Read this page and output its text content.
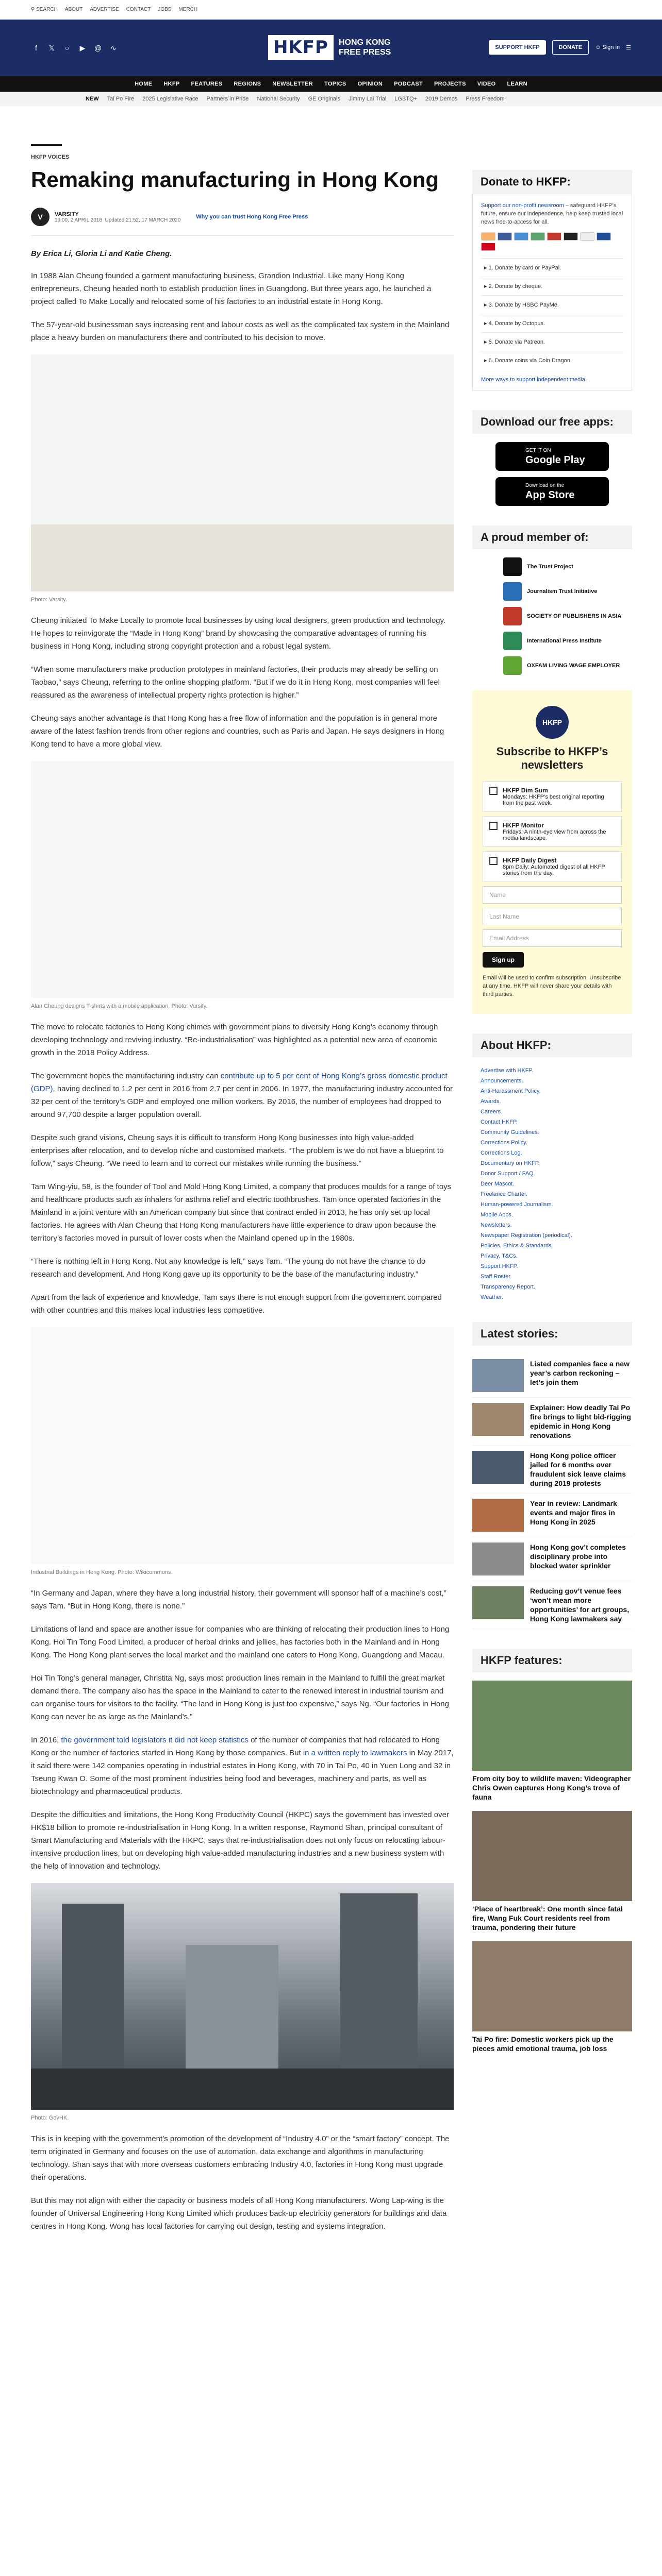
⚲ SEARCH ABOUT ADVERTISE CONTACT JOBS MERCH
f	𝕏	○	▶	@ ∿	HKFP	HONG KONG
FREE PRESS
SUPPORT HKFP	DONATE	☺ Sign in ☰
HOME HKFP FEATURES REGIONS NEWSLETTER TOPICS OPINION PODCAST PROJECTS VIDEO LEARN
NEW Tai Po Fire 2025 Legislative Race Partners in Pride National Security GE Originals Jimmy Lai Trial LGBTQ+ 2019 Demos Press Freedom
HKFP VOICES
Remaking manufacturing in Hong Kong
V	VARSITY
19:00, 2 APRIL 2018 Updated 21:52, 17 MARCH 2020	Why you can trust Hong Kong Free Press
By Erica Li, Gloria Li and Katie Cheng.

In 1988 Alan Cheung founded a garment manufacturing business, Grandion Industrial. Like many Hong Kong entrepreneurs, Cheung headed north to establish production lines in Guangdong. But three years ago, he launched a project called To Make Locally and relocated some of his factories to an industrial estate in Hong Kong.

The 57-year-old businessman says increasing rent and labour costs as well as the complicated tax system in the Mainland place a heavy burden on manufacturers there and contributed to his decision to move.

Photo: Varsity.

Cheung initiated To Make Locally to promote local businesses by using local designers, green production and technology. He hopes to reinvigorate the “Made in Hong Kong” brand by showcasing the comparative advantages of running his business in Hong Kong, including strong copyright protection and a robust legal system.

“When some manufacturers make production prototypes in mainland factories, their products may already be selling on Taobao,” says Cheung, referring to the online shopping platform. “But if we do it in Hong Kong, most companies will feel reassured as the awareness of intellectual property rights protection is higher.”

Cheung says another advantage is that Hong Kong has a free flow of information and the population is in general more aware of the latest fashion trends from other regions and countries, such as Paris and Japan. He says designers in Hong Kong tend to have a more global view.

Alan Cheung designs T-shirts with a mobile application. Photo: Varsity.

The move to relocate factories to Hong Kong chimes with government plans to diversify Hong Kong’s economy through developing technology and reviving industry. “Re-industrialisation” was highlighted as a potential new area of economic growth in the 2018 Policy Address.

The government hopes the manufacturing industry can contribute up to 5 per cent of Hong Kong’s gross domestic product (GDP), having declined to 1.2 per cent in 2016 from 2.7 per cent in 2006. In 1977, the manufacturing industry accounted for 32 per cent of the territory’s GDP and employed one million workers. By 2016, the number of employees had dropped to around 97,700 despite a larger population overall.

Despite such grand visions, Cheung says it is difficult to transform Hong Kong businesses into high value-added enterprises after relocation, and to develop niche and customised markets. “The problem is we do not have a blueprint to follow,” says Cheung. “We need to learn and to correct our mistakes while running the business.”

Tam Wing-yiu, 58, is the founder of Tool and Mold Hong Kong Limited, a company that produces moulds for a range of toys and healthcare products such as inhalers for asthma relief and electric toothbrushes. Tam once operated factories in the Mainland in a joint venture with an American company but since that contract ended in 2013, he has only set up local factories. He agrees with Alan Cheung that Hong Kong manufacturers have little experience to draw upon because the territory’s factories moved in pursuit of lower costs when the Mainland opened up in the 1980s.

“There is nothing left in Hong Kong. Not any knowledge is left,” says Tam. “The young do not have the chance to do research and development. And Hong Kong gave up its opportunity to be the base of the manufacturing industry.”

Apart from the lack of experience and knowledge, Tam says there is not enough support from the government compared with other countries and this makes local industries less competitive.

Industrial Buildings in Hong Kong. Photo: Wikicommons.

“In Germany and Japan, where they have a long industrial history, their government will sponsor half of a machine’s cost,” says Tam. “But in Hong Kong, there is none.”

Limitations of land and space are another issue for companies who are thinking of relocating their production lines to Hong Kong. Hoi Tin Tong Food Limited, a producer of herbal drinks and jellies, has factories both in the Mainland and in Hong Kong. The Hong Kong plant serves the local market and the mainland one caters to Hong Kong, Guangdong and Macau.

Hoi Tin Tong’s general manager, Christita Ng, says most production lines remain in the Mainland to fulfill the great market demand there. The company also has the space in the Mainland to cater to the renewed interest in industrial tourism and can organise tours for visitors to the facility. “The land in Hong Kong is just too expensive,” says Ng. “Our factories in Hong Kong can never be as large as the Mainland’s.”

In 2016, the government told legislators it did not keep statistics of the number of companies that had relocated to Hong Kong or the number of factories started in Hong Kong by those companies. But in a written reply to lawmakers in May 2017, it said there were 142 companies operating in industrial estates in Hong Kong, with 70 in Tai Po, 40 in Yuen Long and 32 in Tseung Kwan O. Some of the most prominent industries being food and beverages, machinery and parts, as well as biotechnology and pharmaceutical products.

Despite the difficulties and limitations, the Hong Kong Productivity Council (HKPC) says the government has invested over HK$18 billion to promote re-industrialisation in Hong Kong. In a written response, Raymond Shan, principal consultant of Smart Manufacturing and Materials with the HKPC, says that re-industrialisation does not only focus on relocating labour-intensive production lines, but on developing high value-added manufacturing industries and a new business system with the help of innovation and technology.

Photo: GovHK.

This is in keeping with the government’s promotion of the development of “Industry 4.0” or the “smart factory” concept. The term originated in Germany and focuses on the use of automation, data exchange and algorithms in manufacturing technology. Shan says that with more overseas customers embracing Industry 4.0, factories in Hong Kong must upgrade their operations.

But this may not align with either the capacity or business models of all Hong Kong manufacturers. Wong Lap-wing is the founder of Universal Engineering Hong Kong Limited which produces back-up electricity generators for buildings and data centres in Hong Kong. Wong has local factories for carrying out design, testing and systems integration.

Donate to HKFP:
Support our non-profit newsroom – safeguard HKFP’s future, ensure our independence, help keep trusted local news free-to-access for all.
▸ 1. Donate by card or PayPal.
▸ 2. Donate by cheque.
▸ 3. Donate by HSBC PayMe.
▸ 4. Donate by Octopus.
▸ 5. Donate via Patreon.
▸ 6. Donate coins via Coin Dragon.
More ways to support independent media.
Download our free apps:
GET IT ON
Google Play
Download on the
App Store
A proud member of:
The Trust Project
Journalism Trust Initiative
SOCIETY OF PUBLISHERS IN ASIA
International Press Institute
OXFAM LIVING WAGE EMPLOYER
HKFP
Subscribe to HKFP’s newsletters
HKFP Dim Sum
Mondays: HKFP’s best original reporting from the past week.
HKFP Monitor
Fridays: A ninth-eye view from across the media landscape.
HKFP Daily Digest
8pm Daily: Automated digest of all HKFP stories from the day.
Name
Last Name
Email Address
Sign up
Email will be used to confirm subscription. Unsubscribe at any time. HKFP will never share your details with third parties.
About HKFP:
Advertise with HKFP.
Announcements.
Anti-Harassment Policy.
Awards.
Careers.
Contact HKFP.
Community Guidelines.
Corrections Policy.
Corrections Log.
Documentary on HKFP.
Donor Support / FAQ.
Deer Mascot.
Freelance Charter.
Human-powered Journalism.
Mobile Apps.
Newsletters.
Newspaper Registration (periodical).
Policies, Ethics & Standards.
Privacy, T&Cs.
Support HKFP.
Staff Roster.
Transparency Report.
Weather.
Latest stories:
Listed companies face a new year’s carbon reckoning – let’s join them
Explainer: How deadly Tai Po fire brings to light bid-rigging epidemic in Hong Kong renovations
Hong Kong police officer jailed for 6 months over fraudulent sick leave claims during 2019 protests
Year in review: Landmark events and major fires in Hong Kong in 2025
Hong Kong gov’t completes disciplinary probe into blocked water sprinkler
Reducing gov’t venue fees ‘won’t mean more opportunities’ for art groups, Hong Kong lawmakers say
HKFP features:
From city boy to wildlife maven: Videographer Chris Owen captures Hong Kong’s trove of fauna
‘Place of heartbreak’: One month since fatal fire, Wang Fuk Court residents reel from trauma, pondering their future
Tai Po fire: Domestic workers pick up the pieces amid emotional trauma, job loss
